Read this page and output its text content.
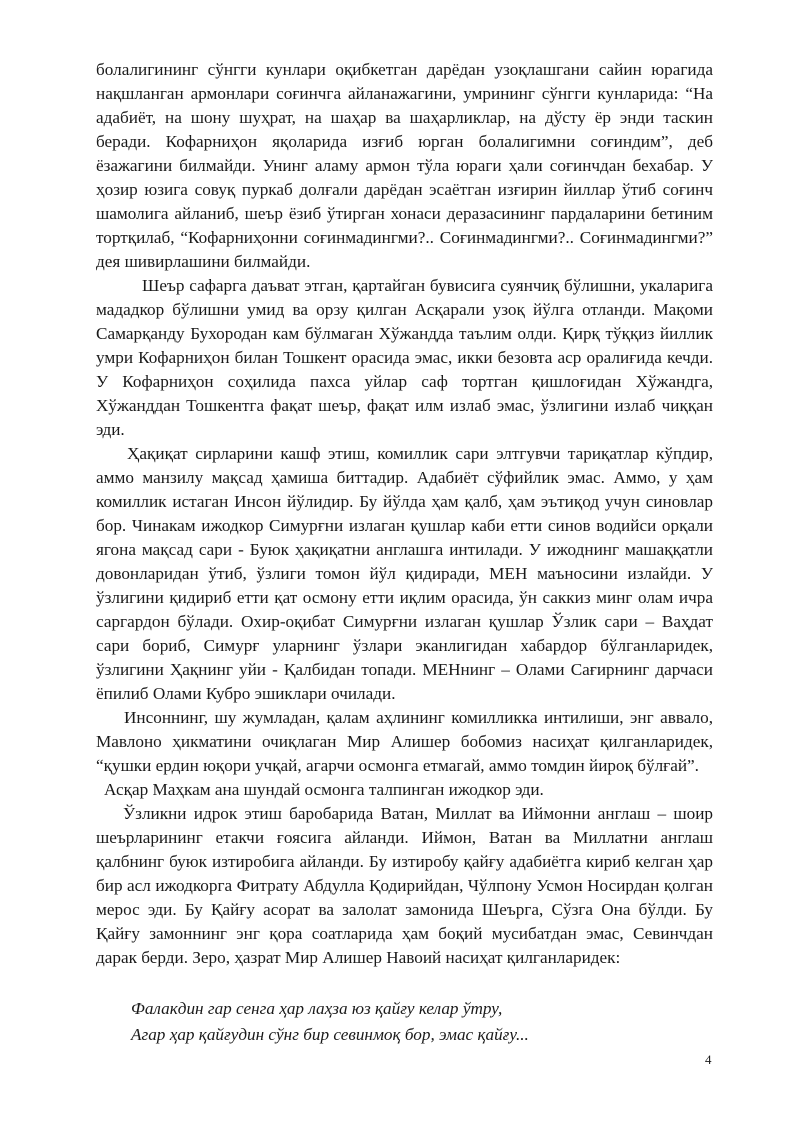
болалигининг сўнгги кунлари оқибкетган дарёдан узоқлашгани сайин юрагида нақшланган армонлари соғинчга айланажагини, умрининг сўнгги кунларида: “На адабиёт, на шону шуҳрат, на шаҳар ва шаҳарликлар, на дўсту ёр энди таскин беради. Кофарниҳон яқоларида изғиб юрган болалигимни соғиндим”, деб ёзажагини билмайди. Унинг аламу армон тўла юраги ҳали соғинчдан бехабар. У ҳозир юзига совуқ пуркаб долғали дарёдан эсаётган изғирин йиллар ўтиб соғинч шамолига айланиб, шеър ёзиб ўтирган хонаси деразасининг пардаларини бетиним тортқилаб, “Кофарниҳонни соғинмадингми?.. Соғинмадингми?.. Соғинмадингми?” дея шивирлашини билмайди.

Шеър сафарга даъват этган, қартайган бувисига суянчиқ бўлишни, укаларига мададкор бўлишни умид ва орзу қилган Асқарали узоқ йўлга отланди. Мақоми Самарқанду Бухородан кам бўлмаган Хўжандда таълим олди. Қирқ тўққиз йиллик умри Кофарниҳон билан Тошкент орасида эмас, икки безовта аср оралиғида кечди. У Кофарниҳон соҳилида пахса уйлар саф тортган қишлоғидан Хўжандга, Хўжанддан Тошкентга фақат шеър, фақат илм излаб эмас, ўзлигини излаб чиққан эди.

Ҳақиқат сирларини кашф этиш, комиллик сари элтгувчи тариқатлар кўпдир, аммо манзилу мақсад ҳамиша биттадир. Адабиёт сўфийлик эмас. Аммо, у ҳам комиллик истаган Инсон йўлидир. Бу йўлда ҳам қалб, ҳам эътиқод учун синовлар бор. Чинакам ижодкор Симурғни излаган қушлар каби етти синов водийси орқали ягона мақсад сари - Буюк ҳақиқатни англашга интилади. У ижоднинг машаққатли довонларидан ўтиб, ўзлиги томон йўл қидиради, МЕН маъносини излайди. У ўзлигини қидириб етти қат осмону етти иқлим орасида, ўн саккиз минг олам ичра саргардон бўлади. Охир-оқибат Симурғни излаган қушлар Ўзлик сари – Ваҳдат сари бориб, Симурғ уларнинг ўзлари эканлигидан хабардор бўлганларидек, ўзлигини Ҳақнинг уйи - Қалбидан топади. МЕНнинг – Олами Сағирнинг дарчаси ёпилиб Олами Кубро эшиклари очилади.

Инсоннинг, шу жумладан, қалам аҳлининг комилликка интилиши, энг аввало, Мавлоно ҳикматини очиқлаган Мир Алишер бобомиз насиҳат қилганларидек, “қушки ердин юқори учқай, агарчи осмонга етмагай, аммо томдин йироқ бўлғай”.

Асқар Маҳкам ана шундай осмонга талпинган ижодкор эди.

Ўзликни идрок этиш баробарида Ватан, Миллат ва Иймонни англаш – шоир шеърларининг етакчи ғоясига айланди. Иймон, Ватан ва Миллатни англаш қалбнинг буюк изтиробига айланди. Бу изтиробу қайғу адабиётга кириб келган ҳар бир асл ижодкорга Фитрату Абдулла Қодирийдан, Чўлпону Усмон Носирдан қолган мерос эди. Бу Қайғу асорат ва залолат замонида Шеърга, Сўзга Она бўлди. Бу Қайғу замоннинг энг қора соатларида ҳам боқий мусибатдан эмас, Севинчдан дарак берди. Зеро, ҳазрат Мир Алишер Навоий насиҳат қилганларидек:

Фалакдин гар сенга ҳар лаҳза юз қайғу келар ўтру,
Агар ҳар қайғудин сўнг бир севинмоқ бор, эмас қайғу...
4
